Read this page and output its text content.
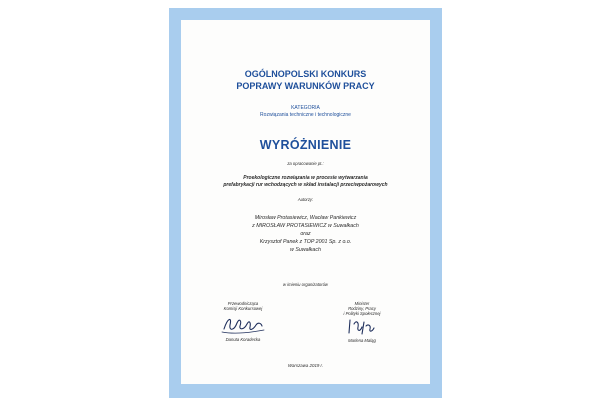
OGÓLNOPOLSKI KONKURS
POPRAWY WARUNKÓW PRACY
KATEGORIA
Rozwiązania techniczne i technologiczne
WYRÓŻNIENIE
za opracowanie pt.:
Proekologiczne rozwiązania w procesie wytwarzania
prefabrykacji rur wchodzących w skład instalacji przeciwpożarowych
Autorzy:
Mirosław Protasiewicz, Wacław Pankiewicz
z MIROSŁAW PROTASIEWICZ w Suwałkach
oraz
Krzysztof Panek z TOP 2001 Sp. z o.o.
w Suwałkach
w imieniu organizatorów
Przewodnicząca
Komisji Konkursowej
Danuta Koradecka
Minister
Rodziny, Pracy
i Polityki Społecznej
Marlena Maląg
Warszawa 2019 r.
